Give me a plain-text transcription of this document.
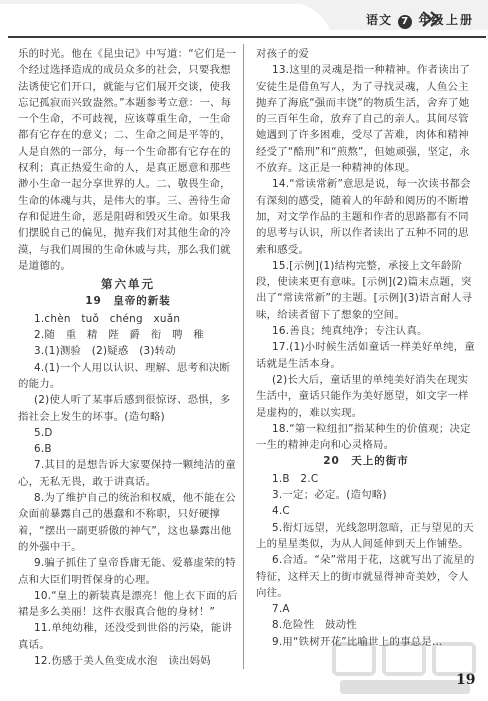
语文 7 年级 上册

乐的时光。他在《昆虫记》中写道：“它们是一个经过选择造成的成员众多的社会，只要我想法诱使它们开口，就能与它们展开交谈，使我忘记孤寂而兴致盎然。”本题参考立意：一、每一个生命，不可歧视，应该尊重生命，一生命都有它存在的意义；二、生命之间是平等的，人是自然的一部分，每一个生命都有它存在的权利；真正热爱生命的人，是真正愿意和那些渺小生命一起分享世界的人。二、敬畏生命，生命的体魂与共，是伟大的事。三、善待生命存和促进生命，恶是阻碍和毁灭生命。如果我们摆脱自己的偏见，抛弃我们对其他生命的冷漠，与我们周围的生命休戚与共，那么我们就是道德的。

第六单元
19　皇帝的新装

1.chèn　tuǒ　chéng　xuǎn

2.随　重　精　陛　爵　衔　聘　稚

3.(1)测验　(2)疑惑　(3)转动

4.(1)一个人用以认识、理解、思考和决断的能力。

(2)使人听了某事后感到很惊讶、恐惧，多指社会上发生的坏事。(造句略)

5.D

6.B

7.其目的是想告诉大家要保持一颗纯洁的童心，无私无畏，敢于讲真话。

8.为了维护自己的统治和权威，他不能在公众面前暴露自己的愚蠢和不称职，只好硬撑着，“摆出一副更骄傲的神气”，这也暴露出他的外强中干。

9.骗子抓住了皇帝昏庸无能、爱慕虚荣的特点和大臣们明哲保身的心理。

10.“皇上的新装真是漂亮！他上衣下面的后裙是多么美丽！这件衣服真合他的身材！”

11.单纯幼稚，还没受到世俗的污染，能讲真话。

12.伤感于美人鱼变成水泡　读出妈妈

对孩子的爱

13.这里的灵魂是指一种精神。作者读出了安徒生是借鱼写人，为了寻找灵魂，人鱼公主抛弃了海底“强而丰饶”的物质生活，舍弃了她的三百年生命，放弃了自己的亲人。其间尽管她遇到了许多困难，受尽了苦难，肉体和精神经受了“酷刑”和“煎熬”，但她顽强，坚定，永不放弃。这正是一种精神的体现。

14.“常读常新”意思是说，每一次读书都会有深刻的感受，随着人的年龄和阅历的不断增加，对文学作品的主题和作者的思路都有不同的思考与认识，所以作者读出了五种不同的思索和感受。

15.[示例](1)结构完整，承接上文年龄阶段，使读来更有意味。[示例](2)篇末点题，突出了“常读常新”的主题。[示例](3)语言耐人寻味，给读者留下了想象的空间。

16.善良；纯真纯净；专注认真。

17.(1)小时候生活如童话一样美好单纯，童话就是生活本身。

(2)长大后，童话里的单纯美好消失在现实生活中，童话只能作为美好愿望，如文字一样是虚构的，难以实现。

18.“第一粒纽扣”指某种生的价值观；决定一生的精神走向和心灵格局。

20　天上的街市

1.B　2.C

3.一定；必定。(造句略)

4.C

5.衔灯远望，光线忽明忽暗，正与望见的天上的星星类似，为从人间延伸到天上作铺垫。

6.合适。“朵”常用于花，这就写出了流星的特征，这样天上的街市就显得神奇美妙，令人向往。

7.A

8.危险性　鼓动性

9.用“铁树开花”比喻世上的事总是...

19
